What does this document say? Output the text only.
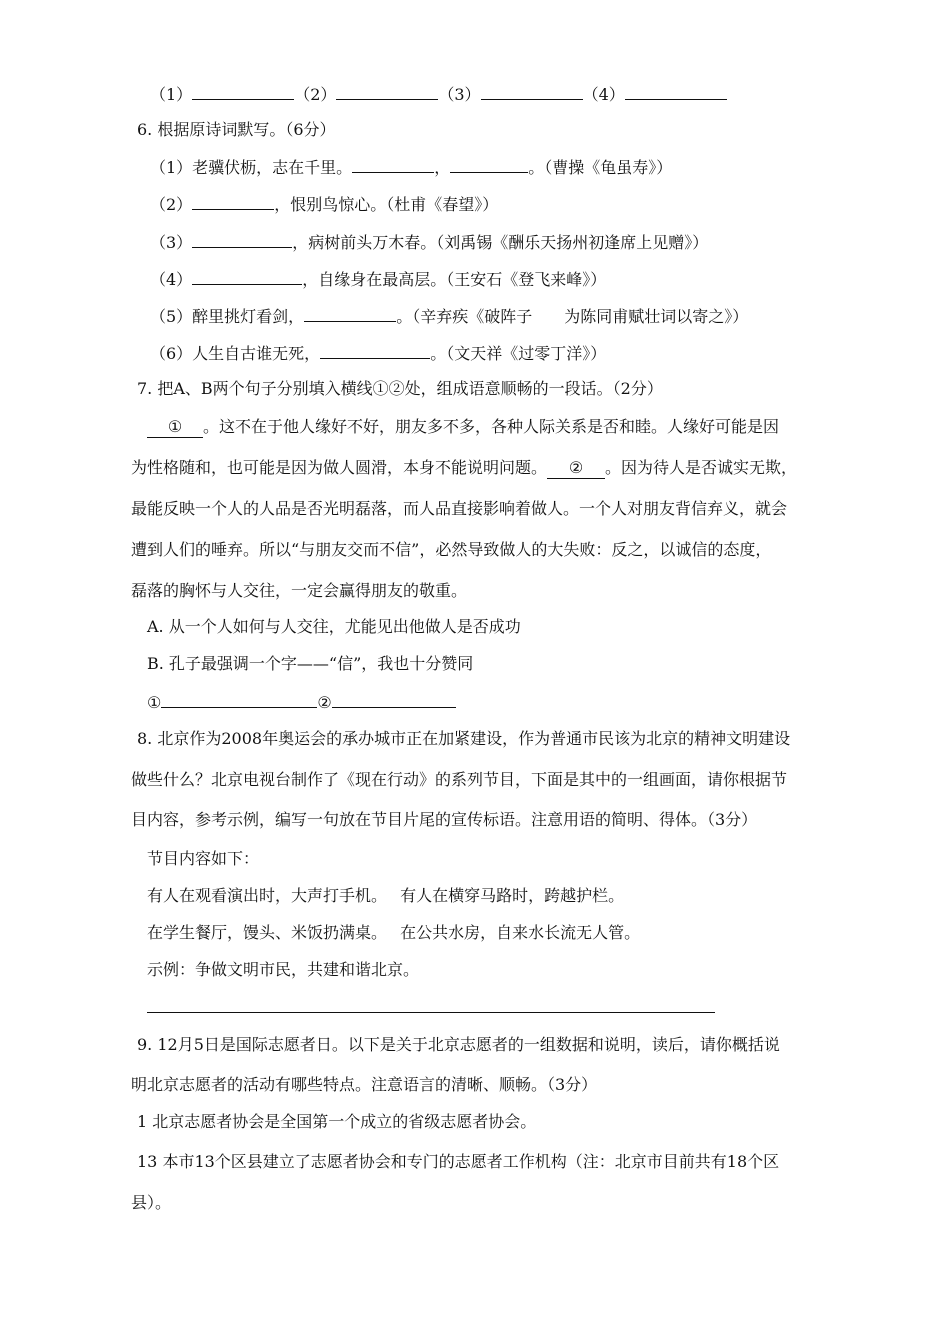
（1）	（2）	（3）	（4）
6. 根据原诗词默写。（6分）
（1）老骥伏枥，志在千里。	，	。（曹操《龟虽寿》）
（2）	，恨别鸟惊心。（杜甫《春望》）
（3）	，病树前头万木春。（刘禹锡《酬乐天扬州初逢席上见赠》）
（4）	，自缘身在最高层。（王安石《登飞来峰》）
（5）醉里挑灯看剑，	。（辛弃疾《破阵子　　为陈同甫赋壮词以寄之》）
（6）人生自古谁无死，	。（文天祥《过零丁洋》）
7. 把A、B两个句子分别填入横线①②处，组成语意顺畅的一段话。（2分）
① 。这不在于他人缘好不好，朋友多不多，各种人际关系是否和睦。人缘好可能是因
为性格随和，也可能是因为做人圆滑，本身不能说明问题。 ② 。因为待人是否诚实无欺，
最能反映一个人的人品是否光明磊落，而人品直接影响着做人。一个人对朋友背信弃义，就会
遭到人们的唾弃。所以“与朋友交而不信”，必然导致做人的大失败：反之，以诚信的态度，
磊落的胸怀与人交往，一定会赢得朋友的敬重。
A. 从一个人如何与人交往，尤能见出他做人是否成功
B. 孔子最强调一个字——“信”，我也十分赞同
①	②
8. 北京作为2008年奥运会的承办城市正在加紧建设，作为普通市民该为北京的精神文明建设
做些什么？北京电视台制作了《现在行动》的系列节目，下面是其中的一组画面，请你根据节
目内容，参考示例，编写一句放在节目片尾的宣传标语。注意用语的简明、得体。（3分）
节目内容如下：
有人在观看演出时，大声打手机。　 有人在横穿马路时，跨越护栏。
在学生餐厅，馒头、米饭扔满桌。　 在公共水房，自来水长流无人管。
示例：争做文明市民，共建和谐北京。
9. 12月5日是国际志愿者日。以下是关于北京志愿者的一组数据和说明，读后，请你概括说
明北京志愿者的活动有哪些特点。注意语言的清晰、顺畅。（3分）
1 北京志愿者协会是全国第一个成立的省级志愿者协会。
13 本市13个区县建立了志愿者协会和专门的志愿者工作机构（注：北京市目前共有18个区
县）。
